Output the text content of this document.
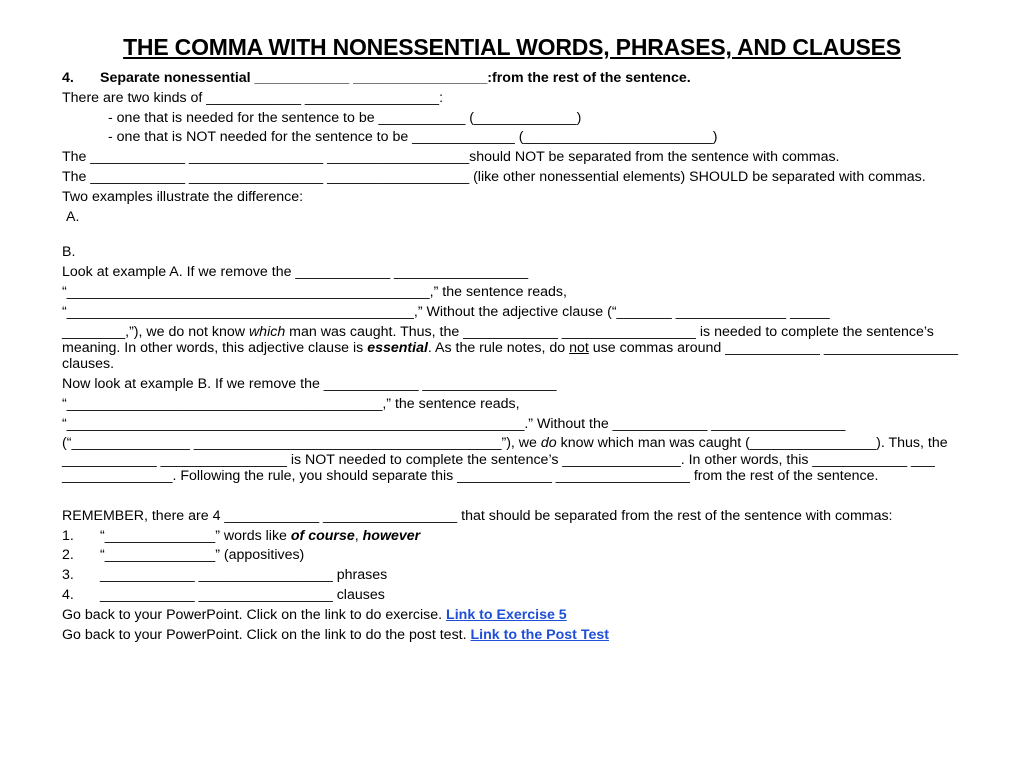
THE COMMA WITH NONESSENTIAL WORDS, PHRASES, AND CLAUSES
4. Separate nonessential ____________ _________________:from the rest of the sentence.
There are two kinds of ____________ _________________:
- one that is needed for the sentence to be ___________ (_____________)
- one that is NOT needed for the sentence to be _____________ (________________________)
The ____________ _________________ __________________should NOT be separated from the sentence with commas.
The ____________ _________________ __________________ (like other nonessential elements) SHOULD be separated with commas.
Two examples illustrate the difference:
A.
B.
Look at example A. If we remove the ____________ _________________
“______________________________________________,” the sentence reads,
“____________________________________________,” Without the adjective clause (“_______ ______________ _____
________,”), we do not know which man was caught. Thus, the ____________ _________________ is needed to complete the sentence’s meaning. In other words, this adjective clause is essential. As the rule notes, do not use commas around ____________ _________________ clauses.
Now look at example B. If we remove the ____________ _________________
“________________________________________,” the sentence reads,
“__________________________________________________________.” Without the ____________ _________________
(“_______________ _______________________________________”), we do know which man was caught (________________). Thus, the ____________ ________________ is NOT needed to complete the sentence’s _______________. In other words, this ____________ ___ ______________. Following the rule, you should separate this ____________ _________________ from the rest of the sentence.
REMEMBER, there are 4 ____________ _________________ that should be separated from the rest of the sentence with commas:
1. “______________” words like of course, however
2. “______________” (appositives)
3. ____________ _________________ phrases
4. ____________ _________________ clauses
Go back to your PowerPoint. Click on the link to do exercise. Link to Exercise 5
Go back to your PowerPoint. Click on the link to do the post test. Link to the Post Test
